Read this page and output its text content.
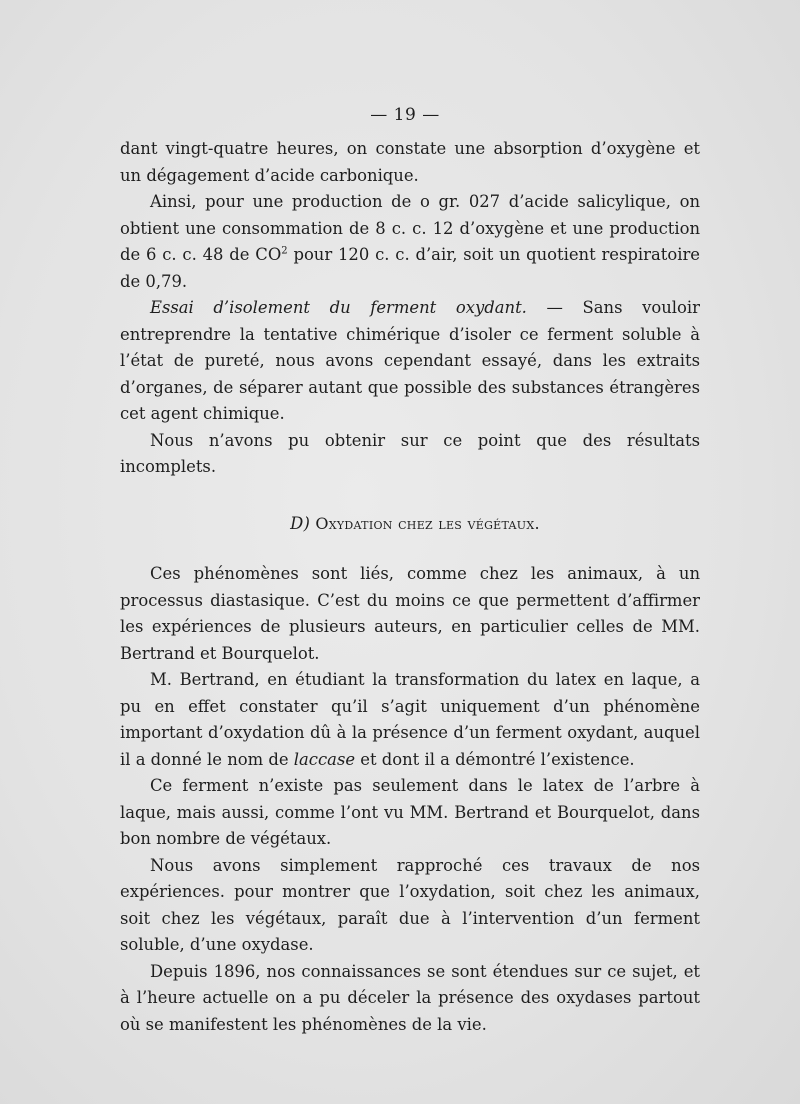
— 19 —

dant vingt-quatre heures, on constate une absorption d’oxygène et un dégagement d’acide carbonique.

Ainsi, pour une production de o gr. 027 d’acide salicylique, on obtient une consommation de 8 c. c. 12 d’oxygène et une production de 6 c. c. 48 de $CO^2$ pour 120 c. c. d’air, soit un quotient respiratoire de 0,79.

Essai d’isolement du ferment oxydant. — Sans vouloir entreprendre la tentative chimérique d’isoler ce ferment soluble à l’état de pureté, nous avons cependant essayé, dans les extraits d’organes, de séparer autant que possible des substances étrangères cet agent chimique.

Nous n’avons pu obtenir sur ce point que des résultats incomplets.

D) Oxydation chez les végétaux.

Ces phénomènes sont liés, comme chez les animaux, à un processus diastasique. C’est du moins ce que permettent d’affirmer les expériences de plusieurs auteurs, en particulier celles de MM. Bertrand et Bourquelot.

M. Bertrand, en étudiant la transformation du latex en laque, a pu en effet constater qu’il s’agit uniquement d’un phénomène important d’oxydation dû à la présence d’un ferment oxydant, auquel il a donné le nom de laccase et dont il a démontré l’existence.

Ce ferment n’existe pas seulement dans le latex de l’arbre à laque, mais aussi, comme l’ont vu MM. Bertrand et Bourquelot, dans bon nombre de végétaux.

Nous avons simplement rapproché ces travaux de nos expériences. pour montrer que l’oxydation, soit chez les animaux, soit chez les végétaux, paraît due à l’intervention d’un ferment soluble, d’une oxydase.

Depuis 1896, nos connaissances se sont étendues sur ce sujet, et à l’heure actuelle on a pu déceler la présence des oxydases partout où se manifestent les phénomènes de la vie.
